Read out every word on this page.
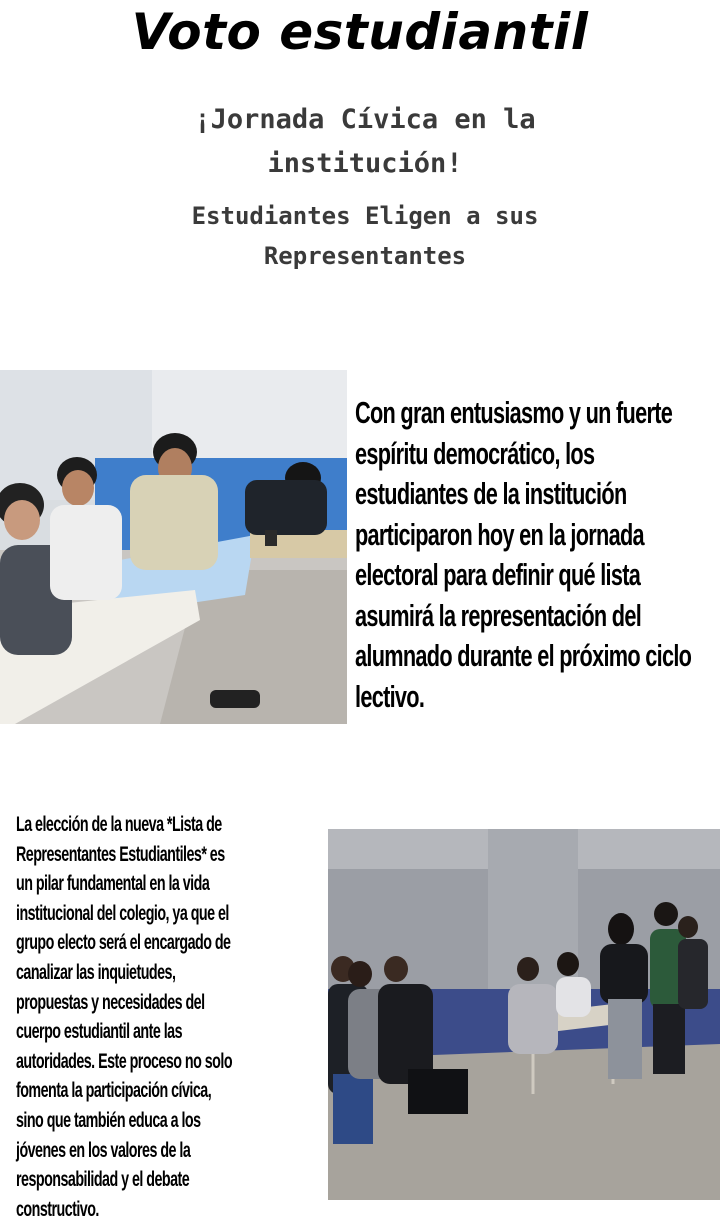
Voto estudiantil
¡Jornada Cívica en la
institución!
Estudiantes Eligen a sus
Representantes
Con gran entusiasmo y un fuerte
espíritu democrático, los
estudiantes de la institución
participaron hoy en la jornada
electoral para definir qué lista
asumirá la representación del
alumnado durante el próximo ciclo
lectivo.
La elección de la nueva *Lista de
Representantes Estudiantiles* es
un pilar fundamental en la vida
institucional del colegio, ya que el
grupo electo será el encargado de
canalizar las inquietudes,
propuestas y necesidades del
cuerpo estudiantil ante las
autoridades. Este proceso no solo
fomenta la participación cívica,
sino que también educa a los
jóvenes en los valores de la
responsabilidad y el debate
constructivo.
